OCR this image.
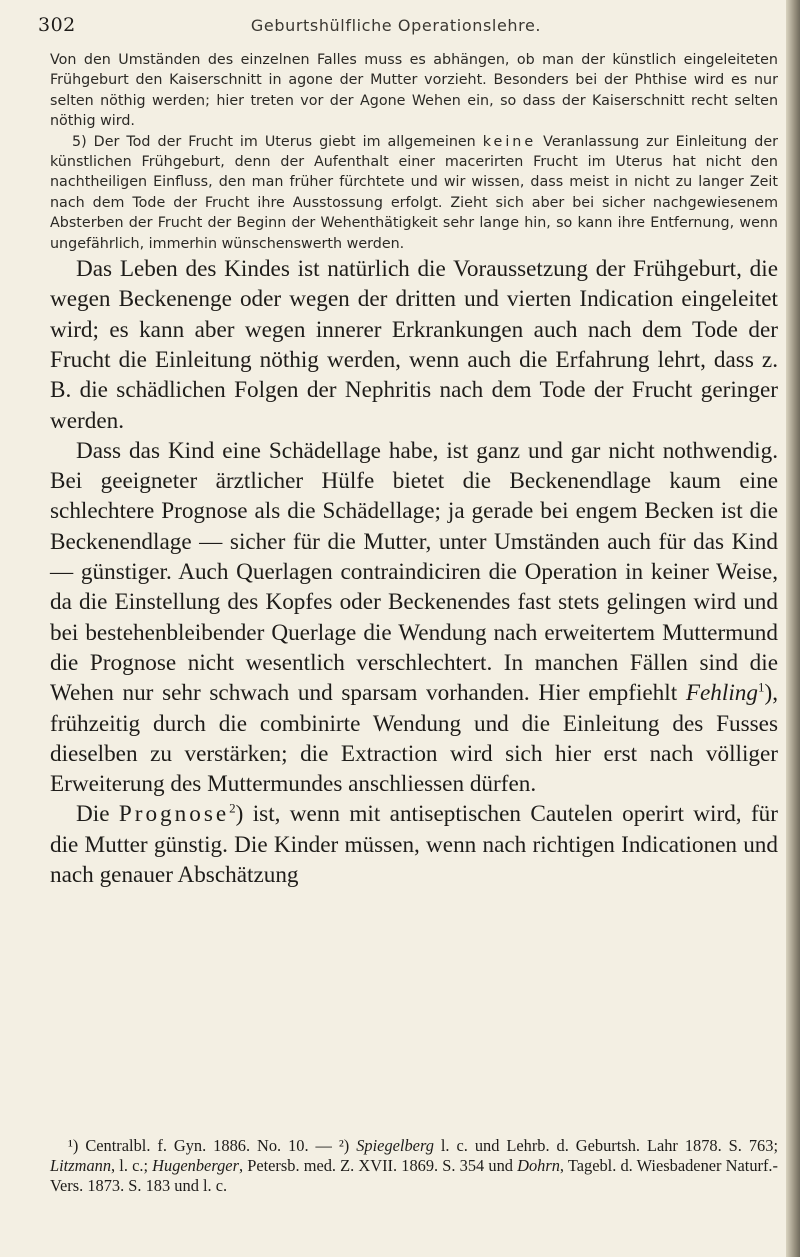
302	Geburtshülfliche Operationslehre.

Von den Umständen des einzelnen Falles muss es abhängen, ob man der künstlich eingeleiteten Frühgeburt den Kaiserschnitt in agone der Mutter vorzieht. Besonders bei der Phthise wird es nur selten nöthig werden; hier treten vor der Agone Wehen ein, so dass der Kaiserschnitt recht selten nöthig wird.

5) Der Tod der Frucht im Uterus giebt im allgemeinen keine Veranlassung zur Einleitung der künstlichen Frühgeburt, denn der Aufenthalt einer macerirten Frucht im Uterus hat nicht den nachtheiligen Einfluss, den man früher fürchtete und wir wissen, dass meist in nicht zu langer Zeit nach dem Tode der Frucht ihre Ausstossung erfolgt. Zieht sich aber bei sicher nachgewiesenem Absterben der Frucht der Beginn der Wehenthätigkeit sehr lange hin, so kann ihre Entfernung, wenn ungefährlich, immerhin wünschenswerth werden.

Das Leben des Kindes ist natürlich die Voraussetzung der Frühgeburt, die wegen Beckenenge oder wegen der dritten und vierten Indication eingeleitet wird; es kann aber wegen innerer Erkrankungen auch nach dem Tode der Frucht die Einleitung nöthig werden, wenn auch die Erfahrung lehrt, dass z. B. die schädlichen Folgen der Nephritis nach dem Tode der Frucht geringer werden.

Dass das Kind eine Schädellage habe, ist ganz und gar nicht nothwendig. Bei geeigneter ärztlicher Hülfe bietet die Beckenendlage kaum eine schlechtere Prognose als die Schädellage; ja gerade bei engem Becken ist die Beckenendlage — sicher für die Mutter, unter Umständen auch für das Kind — günstiger. Auch Querlagen contraindiciren die Operation in keiner Weise, da die Einstellung des Kopfes oder Beckenendes fast stets gelingen wird und bei bestehenbleibender Querlage die Wendung nach erweitertem Muttermund die Prognose nicht wesentlich verschlechtert. In manchen Fällen sind die Wehen nur sehr schwach und sparsam vorhanden. Hier empfiehlt Fehling$^1$), frühzeitig durch die combinirte Wendung und die Einleitung des Fusses dieselben zu verstärken; die Extraction wird sich hier erst nach völliger Erweiterung des Muttermundes anschliessen dürfen.

Die Prognose$^2$) ist, wenn mit antiseptischen Cautelen operirt wird, für die Mutter günstig. Die Kinder müssen, wenn nach richtigen Indicationen und nach genauer Abschätzung

¹) Centralbl. f. Gyn. 1886. No. 10. — ²) Spiegelberg l. c. und Lehrb. d. Geburtsh. Lahr 1878. S. 763; Litzmann, l. c.; Hugenberger, Petersb. med. Z. XVII. 1869. S. 354 und Dohrn, Tagebl. d. Wiesbadener Naturf.-Vers. 1873. S. 183 und l. c.
